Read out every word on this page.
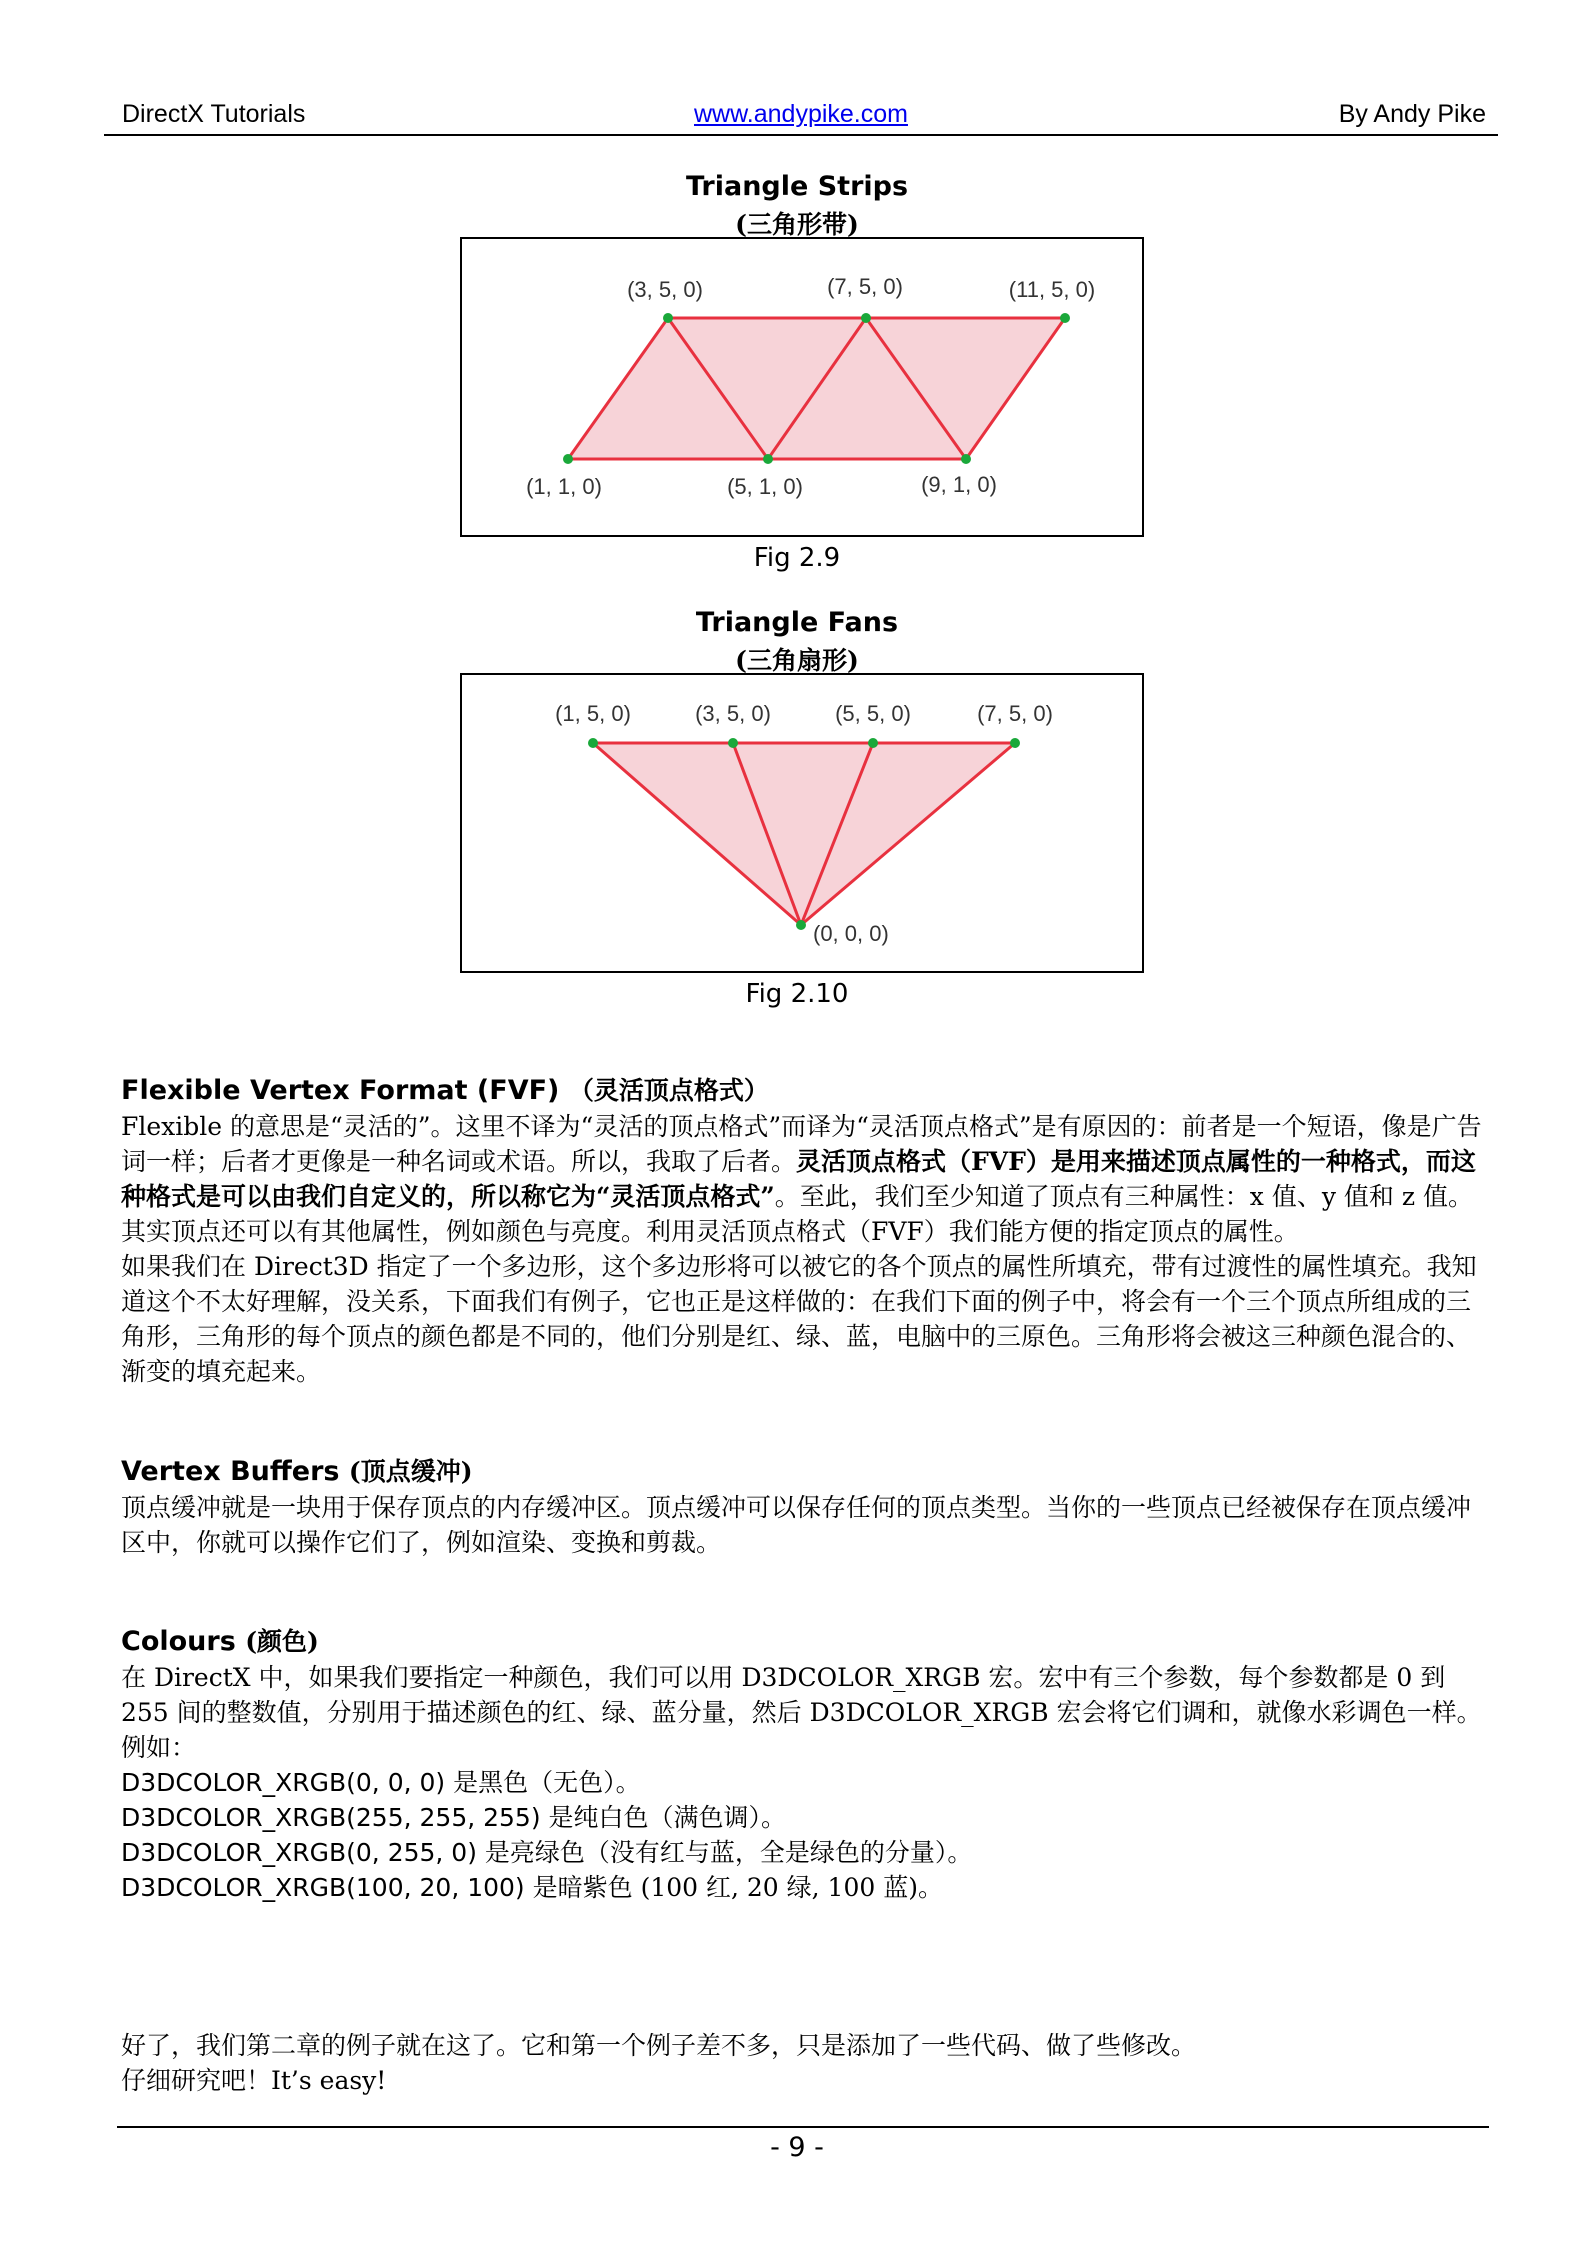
DirectX Tutorials	www.andypike.com	By Andy Pike
Triangle Strips
(三角形带)
(1, 1, 0)
(3, 5, 0)
(5, 1, 0)
(7, 5, 0)
(9, 1, 0)
(11, 5, 0)
Fig 2.9
Triangle Fans
(三角扇形)
(1, 5, 0)	(3, 5, 0)	(5, 5, 0)	(7, 5, 0)
(0, 0, 0)
Fig 2.10
Flexible Vertex Format (FVF) （灵活顶点格式）
Flexible 的意思是“灵活的”。这里不译为“灵活的顶点格式”而译为“灵活顶点格式”是有原因的：前者是一个短语，像是广告词一样；后者才更像是一种名词或术语。所以，我取了后者。灵活顶点格式（FVF）是用来描述顶点属性的一种格式，而这种格式是可以由我们自定义的，所以称它为“灵活顶点格式”。至此，我们至少知道了顶点有三种属性：x 值、y 值和 z 值。其实顶点还可以有其他属性，例如颜色与亮度。利用灵活顶点格式（FVF）我们能方便的指定顶点的属性。
如果我们在 Direct3D 指定了一个多边形，这个多边形将可以被它的各个顶点的属性所填充，带有过渡性的属性填充。我知道这个不太好理解，没关系，下面我们有例子，它也正是这样做的：在我们下面的例子中，将会有一个三个顶点所组成的三角形，三角形的每个顶点的颜色都是不同的，他们分别是红、绿、蓝，电脑中的三原色。三角形将会被这三种颜色混合的、渐变的填充起来。
Vertex Buffers (顶点缓冲)
顶点缓冲就是一块用于保存顶点的内存缓冲区。顶点缓冲可以保存任何的顶点类型。当你的一些顶点已经被保存在顶点缓冲区中，你就可以操作它们了，例如渲染、变换和剪裁。
Colours (颜色)
在 DirectX 中，如果我们要指定一种颜色，我们可以用 D3DCOLOR_XRGB 宏。宏中有三个参数，每个参数都是 0 到 255 间的整数值，分别用于描述颜色的红、绿、蓝分量，然后 D3DCOLOR_XRGB 宏会将它们调和，就像水彩调色一样。
例如：
D3DCOLOR_XRGB(0, 0, 0) 是黑色（无色）。
D3DCOLOR_XRGB(255, 255, 255) 是纯白色（满色调）。
D3DCOLOR_XRGB(0, 255, 0) 是亮绿色（没有红与蓝，全是绿色的分量）。
D3DCOLOR_XRGB(100, 20, 100) 是暗紫色 (100 红, 20 绿, 100 蓝)。
好了，我们第二章的例子就在这了。它和第一个例子差不多，只是添加了一些代码、做了些修改。
仔细研究吧！It’s easy!
- 9 -
